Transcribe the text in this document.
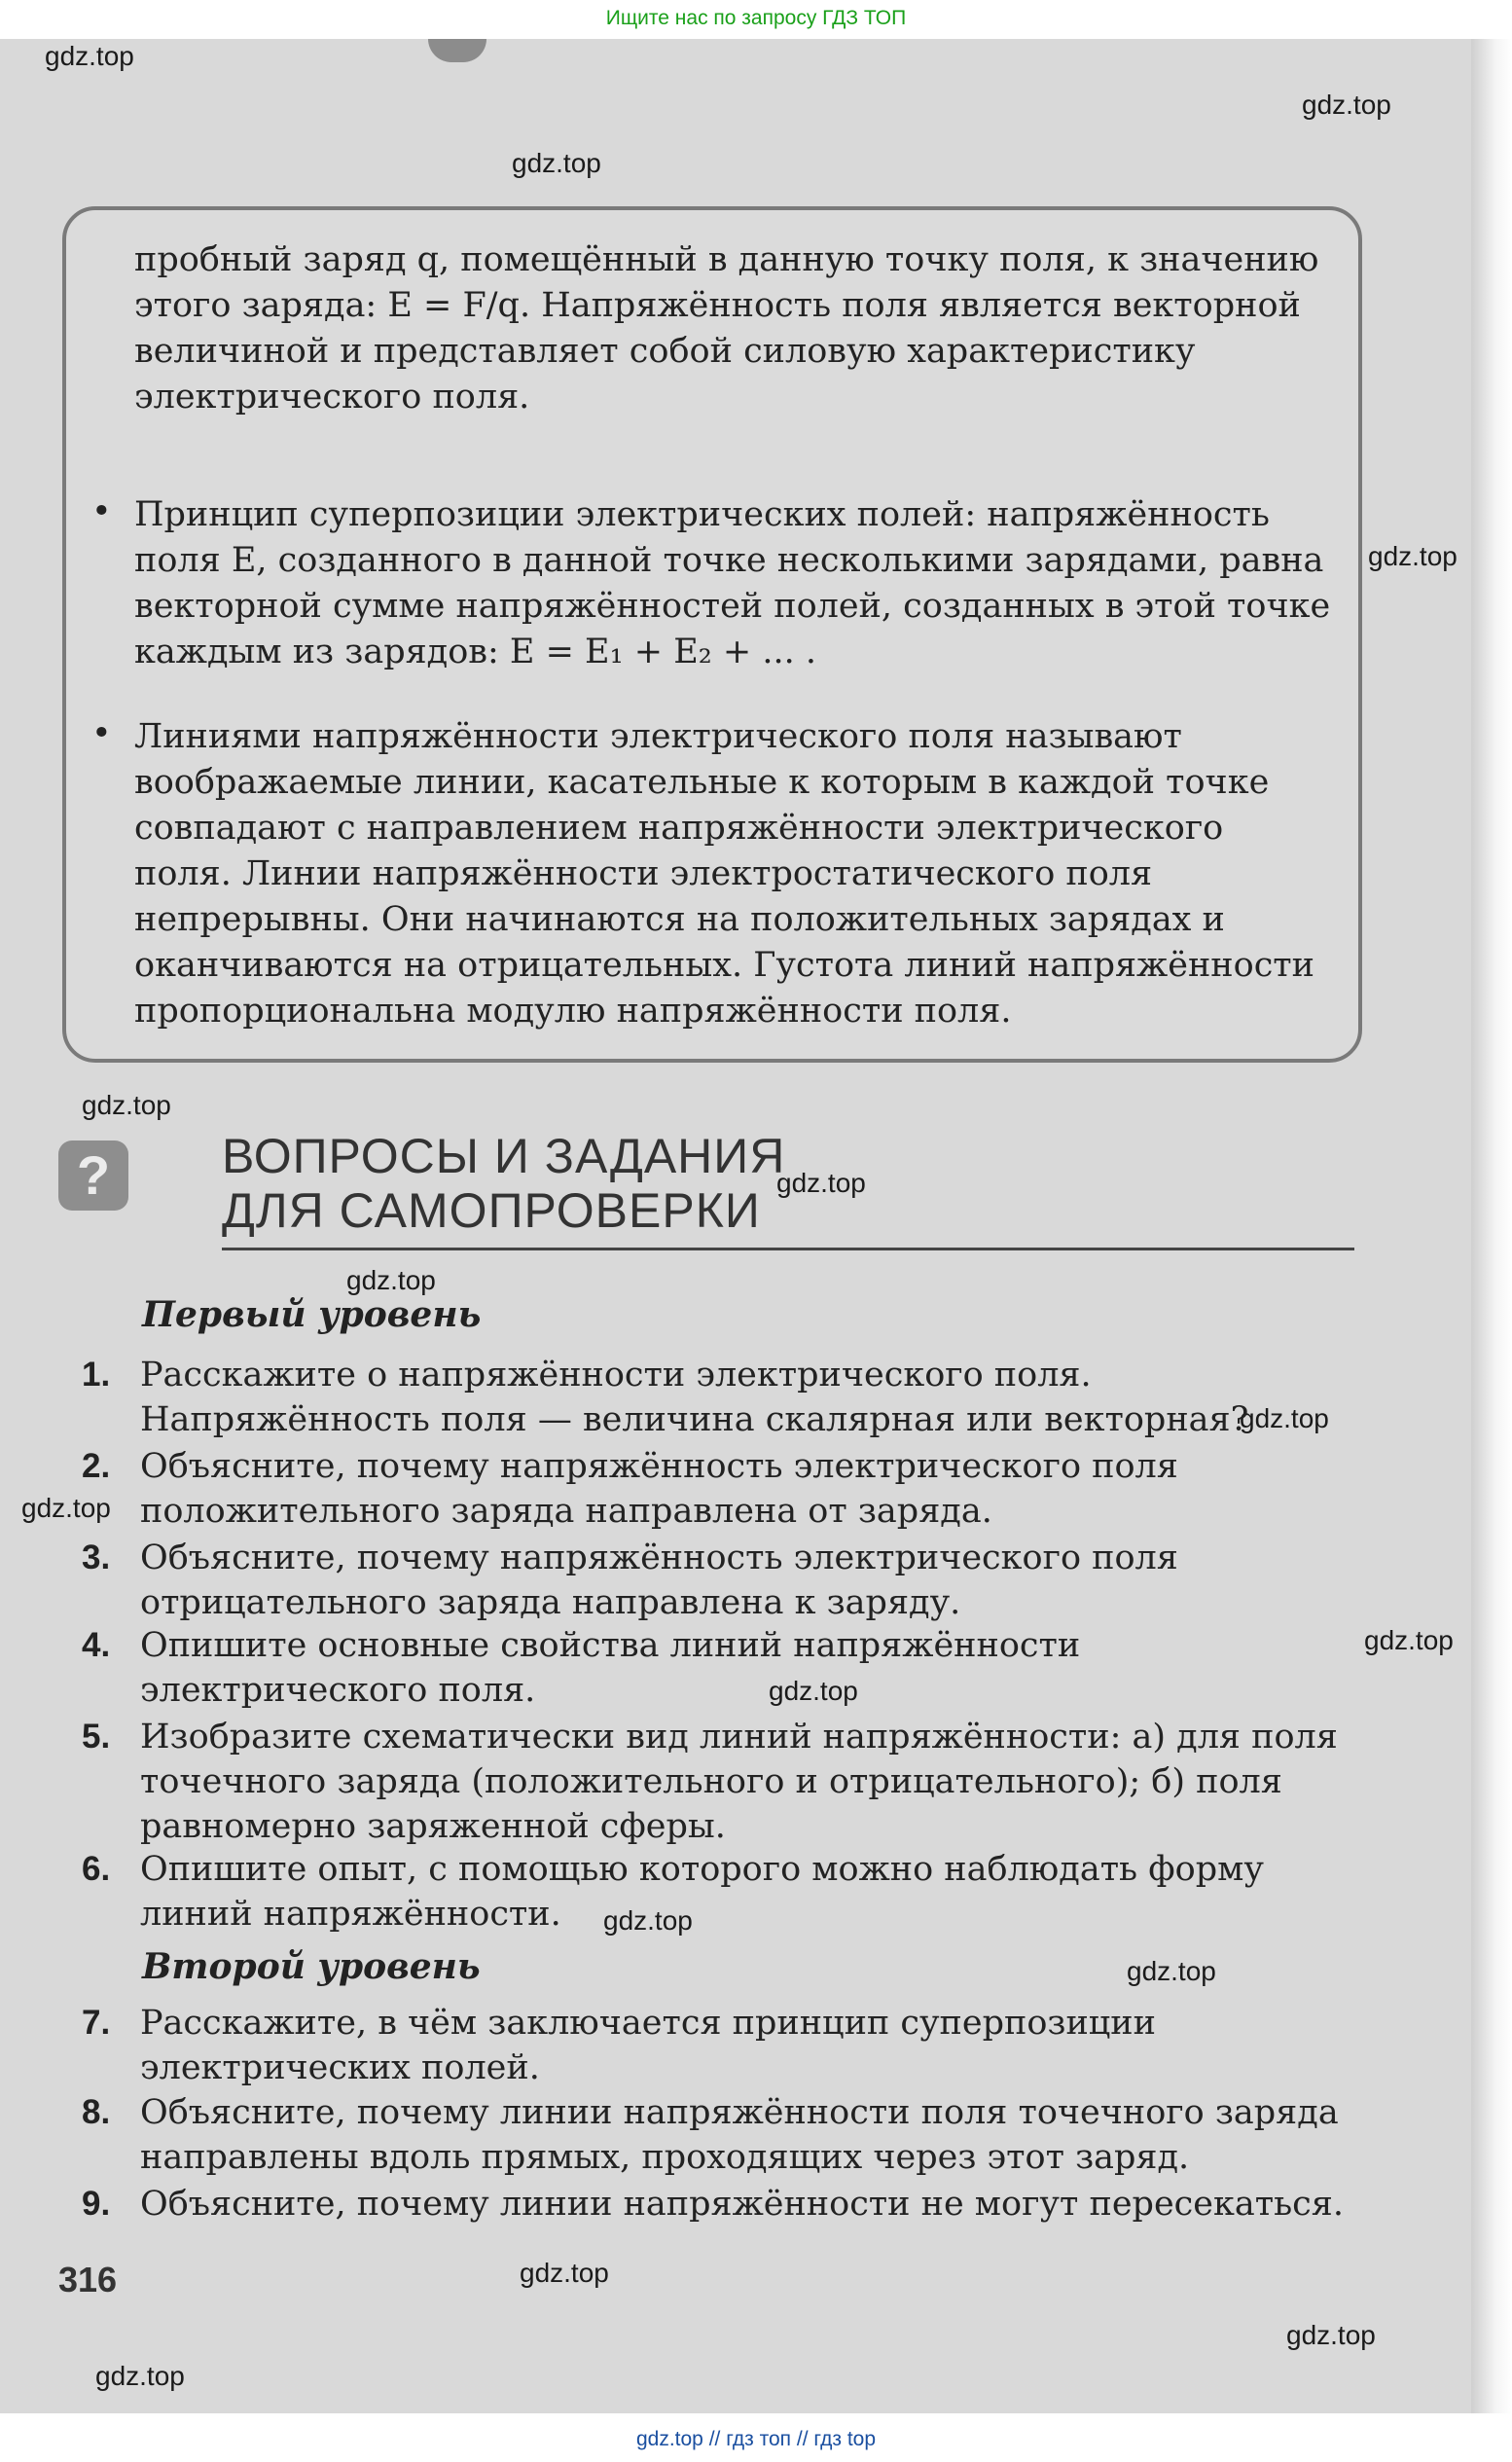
Ищите нас по запросу ГДЗ ТОП
gdz.top
gdz.top
gdz.top
gdz.top
gdz.top
gdz.top
gdz.top
gdz.top
gdz.top
gdz.top
gdz.top
gdz.top
gdz.top
gdz.top
gdz.top
gdz.top

пробный заряд q, помещённый в данную точку поля, к значению этого заряда: E = F/q. Напряжённость поля является векторной величиной и представляет собой силовую характеристику электрического поля.

• Принцип суперпозиции электрических полей: напряжённость поля E, созданного в данной точке несколькими зарядами, равна векторной сумме напряжённостей полей, созданных в этой точке каждым из зарядов: E = E₁ + E₂ + ... .

• Линиями напряжённости электрического поля называют воображаемые линии, касательные к которым в каждой точке совпадают с направлением напряжённости электрического поля. Линии напряжённости электростатического поля непрерывны. Они начинаются на положительных зарядах и оканчиваются на отрицательных. Густота линий напряжённости пропорциональна модулю напряжённости поля.

?	ВОПРОСЫ И ЗАДАНИЯ
ДЛЯ САМОПРОВЕРКИ
Первый уровень
1. Расскажите о напряжённости электрического поля. Напряжённость поля — величина скалярная или векторная?
2. Объясните, почему напряжённость электрического поля положительного заряда направлена от заряда.
3. Объясните, почему напряжённость электрического поля отрицательного заряда направлена к заряду.
4. Опишите основные свойства линий напряжённости электрического поля.
5. Изобразите схематически вид линий напряжённости: а) для поля точечного заряда (положительного и отрицательного); б) поля равномерно заряженной сферы.
6. Опишите опыт, с помощью которого можно наблюдать форму линий напряжённости.
Второй уровень
7. Расскажите, в чём заключается принцип суперпозиции электрических полей.
8. Объясните, почему линии напряжённости поля точечного заряда направлены вдоль прямых, проходящих через этот заряд.
9. Объясните, почему линии напряжённости не могут пересекаться.
316
gdz.top // гдз топ // гдз top
